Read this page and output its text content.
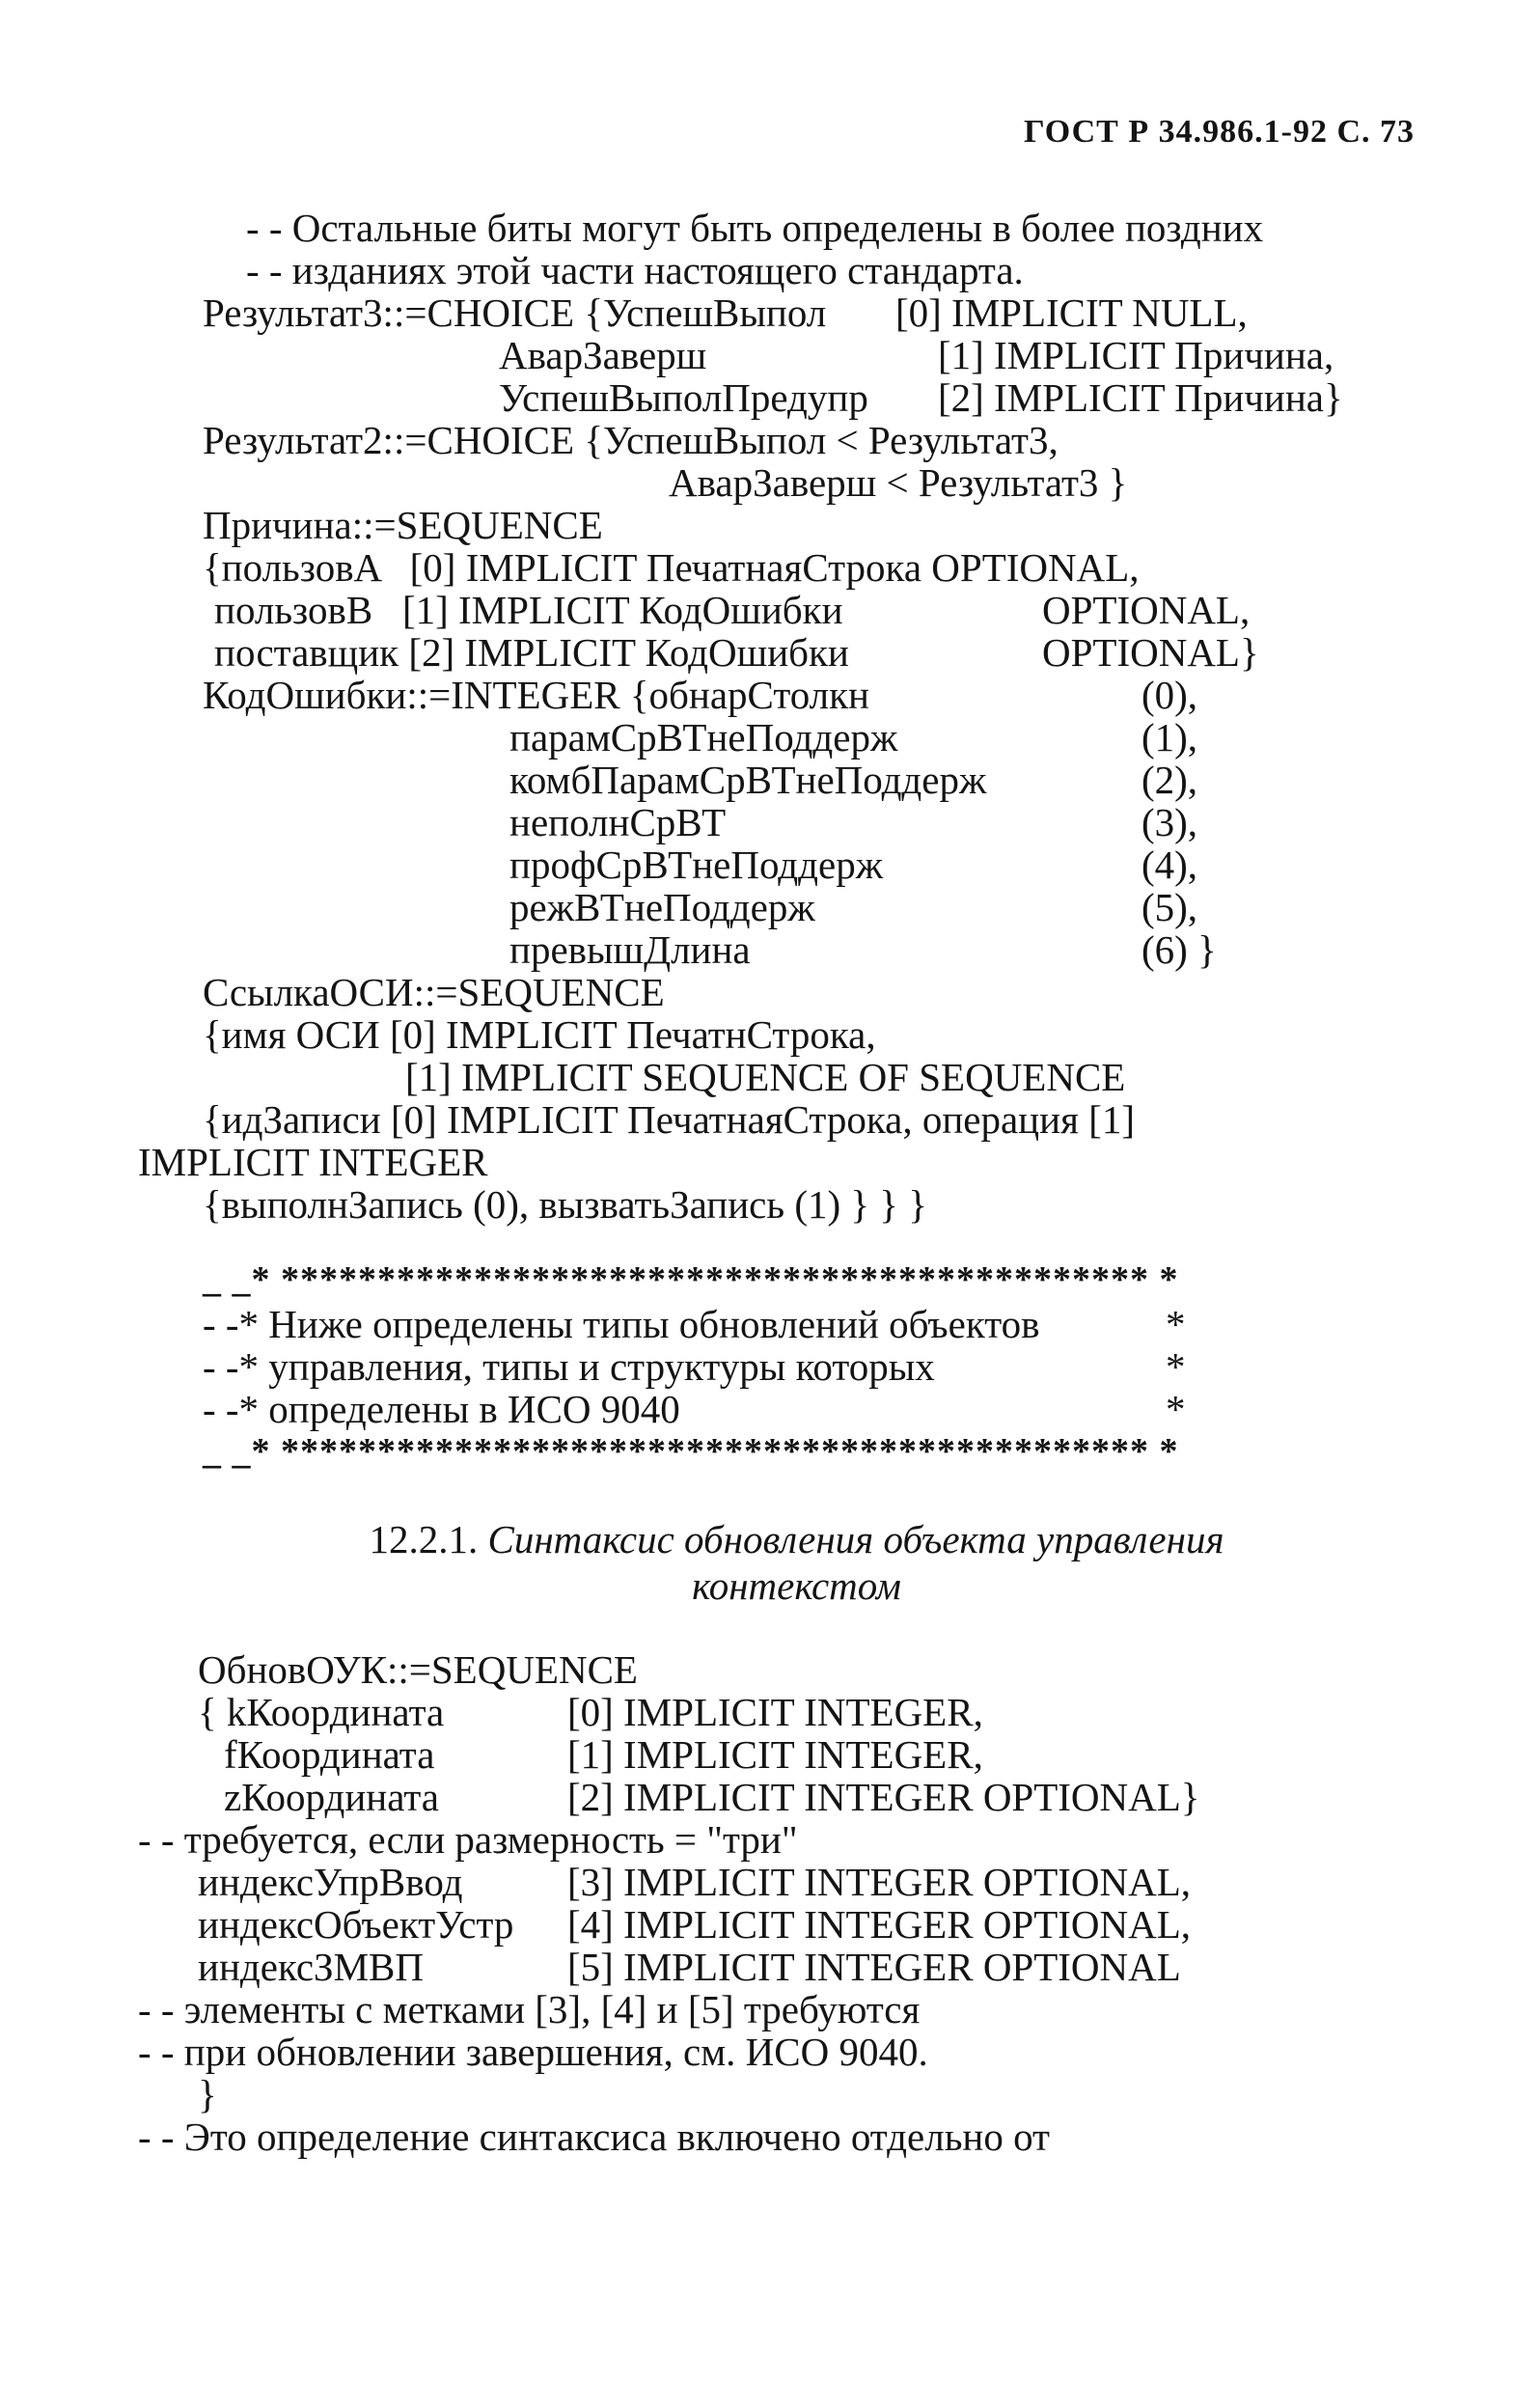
ГОСТ Р 34.986.1-92 С. 73
- - Остальные биты могут быть определены в более поздних
- - изданиях этой части настоящего стандарта.
Результат3::=CHOICE {УспешВыпол [0] IMPLICIT NULL,
АварЗаверш	[1] IMPLICIT Причина,
УспешВыполПредупр [2] IMPLICIT Причина}
Результат2::=CHOICE {УспешВыпол < Результат3,
АварЗаверш < Результат3 }
Причина::=SEQUENCE
{пользовA   [0] IMPLICIT ПечатнаяСтрока OPTIONAL,
пользовB   [1] IMPLICIT КодОшибки	OPTIONAL,
поставщик [2] IMPLICIT КодОшибки	OPTIONAL}
КодОшибки::=INTEGER {обнарСтолкн	(0),
парамСрВТнеПоддерж	(1),
комбПарамСрВТнеПоддерж	(2),
неполнСрВТ	(3),
профСрВТнеПоддерж	(4),
режВТнеПоддерж	(5),
превышДлина	(6) }
СсылкаОСИ::=SEQUENCE
{имя ОСИ [0] IMPLICIT ПечатнСтрока,
[1] IMPLICIT SEQUENCE OF SEQUENCE
{идЗаписи [0] IMPLICIT ПечатнаяСтрока, операция [1]
IMPLICIT INTEGER
{выполнЗапись (0), вызватьЗапись (1) } } }
_ _* ********************************************* *
- -* Ниже определены типы обновлений объектов	*
- -* управления, типы и структуры которых	*
- -* определены в ИСО 9040	*
_ _* ********************************************* *
12.2.1. Синтаксис обновления объекта управления
контекстом
ОбновОУК::=SEQUENCE
{ kКоордината	[0] IMPLICIT INTEGER,
fКоордината	[1] IMPLICIT INTEGER,
zКоордината	[2] IMPLICIT INTEGER OPTIONAL}
- - требуется, если размерность = "три"
индексУпрВвод	[3] IMPLICIT INTEGER OPTIONAL,
индексОбъектУстр [4] IMPLICIT INTEGER OPTIONAL,
индексЗМВП	[5] IMPLICIT INTEGER OPTIONAL
- - элементы с метками [3], [4] и [5] требуются
- - при обновлении завершения, см. ИСО 9040.
}
- - Это определение синтаксиса включено отдельно от
